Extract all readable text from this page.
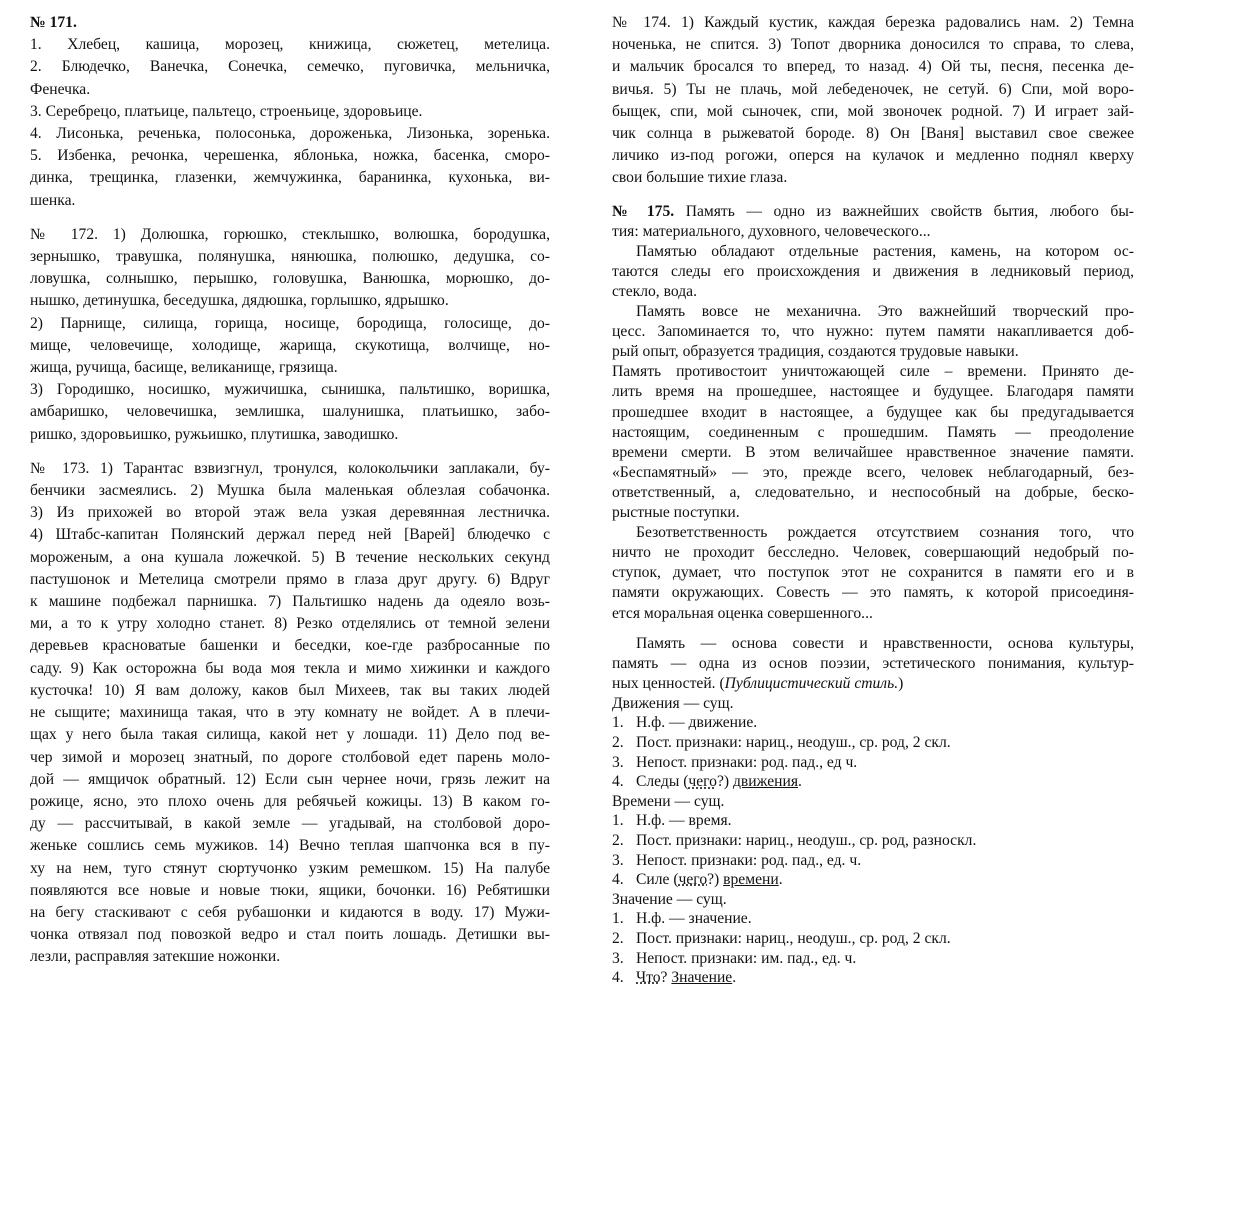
№ 171.
1. Хлебец, кашица, морозец, книжица, сюжетец, метелица.
2. Блюдечко, Ванечка, Сонечка, семечко, пуговичка, мельничка,
Фенечка.
3. Серебрецо, платьице, пальтецо, строеньице, здоровьице.
4. Лисонька, реченька, полосонька, дороженька, Лизонька, зоренька.
5. Избенка, речонка, черешенка, яблонька, ножка, басенка, сморо-
динка, трещинка, глазенки, жемчужинка, баранинка, кухонька, ви-
шенка.
№ 172. 1) Долюшка, горюшко, стеклышко, волюшка, бородушка,
зернышко, травушка, полянушка, нянюшка, полюшко, дедушка, со-
ловушка, солнышко, перышко, головушка, Ванюшка, морюшко, до-
нышко, детинушка, беседушка, дядюшка, горлышко, ядрышко.
2) Парнище, силища, горища, носище, бородища, голосище, до-
мище, человечище, холодище, жарища, скукотища, волчище, но-
жища, ручища, басище, великанище, грязища.
3) Городишко, носишко, мужичишка, сынишка, пальтишко, воришка,
амбаришко, человечишка, землишка, шалунишка, платьишко, забо-
ришко, здоровьишко, ружьишко, плутишка, заводишко.
№ 173. 1) Тарантас взвизгнул, тронулся, колокольчики заплакали, бу-
бенчики засмеялись. 2) Мушка была маленькая облезлая собачонка.
3) Из прихожей во второй этаж вела узкая деревянная лестничка.
4) Штабс-капитан Полянский держал перед ней [Варей] блюдечко с
мороженым, а она кушала ложечкой. 5) В течение нескольких секунд
пастушонок и Метелица смотрели прямо в глаза друг другу. 6) Вдруг
к машине подбежал парнишка. 7) Пальтишко надень да одеяло возь-
ми, а то к утру холодно станет. 8) Резко отделялись от темной зелени
деревьев красноватые башенки и беседки, кое-где разбросанные по
саду. 9) Как осторожна бы вода моя текла и мимо хижинки и каждого
кусточка! 10) Я вам доложу, каков был Михеев, так вы таких людей
не сыщите; махинища такая, что в эту комнату не войдет. А в плечи-
щах у него была такая силища, какой нет у лошади. 11) Дело под ве-
чер зимой и морозец знатный, по дороге столбовой едет парень моло-
дой — ямщичок обратный. 12) Если сын чернее ночи, грязь лежит на
рожице, ясно, это плохо очень для ребячьей кожицы. 13) В каком го-
ду — рассчитывай, в какой земле — угадывай, на столбовой доро-
женьке сошлись семь мужиков. 14) Вечно теплая шапчонка вся в пу-
ху на нем, туго стянут сюртучонко узким ремешком. 15) На палубе
появляются все новые и новые тюки, ящики, бочонки. 16) Ребятишки
на бегу стаскивают с себя рубашонки и кидаются в воду. 17) Мужи-
чонка отвязал под повозкой ведро и стал поить лошадь. Детишки вы-
лезли, расправляя затекшие ножонки.
№ 174. 1) Каждый кустик, каждая березка радовались нам. 2) Темна
ноченька, не спится. 3) Топот дворника доносился то справа, то слева,
и мальчик бросался то вперед, то назад. 4) Ой ты, песня, песенка де-
вичья. 5) Ты не плачь, мой лебеденочек, не сетуй. 6) Спи, мой воро-
быщек, спи, мой сыночек, спи, мой звоночек родной. 7) И играет зай-
чик солнца в рыжеватой бороде. 8) Он [Ваня] выставил свое свежее
личико из-под рогожи, оперся на кулачок и медленно поднял кверху
свои большие тихие глаза.
№ 175. Память — одно из важнейших свойств бытия, любого бы-
тия: материального, духовного, человеческого...
Памятью обладают отдельные растения, камень, на котором ос-
таются следы его происхождения и движения в ледниковый период,
стекло, вода.
Память вовсе не механична. Это важнейший творческий про-
цесс. Запоминается то, что нужно: путем памяти накапливается доб-
рый опыт, образуется традиция, создаются трудовые навыки.
Память противостоит уничтожающей силе – времени. Принято де-
лить время на прошедшее, настоящее и будущее. Благодаря памяти
прошедшее входит в настоящее, а будущее как бы предугадывается
настоящим, соединенным с прошедшим. Память — преодоление
времени смерти. В этом величайшее нравственное значение памяти.
«Беспамятный» — это, прежде всего, человек неблагодарный, без-
ответственный, а, следовательно, и неспособный на добрые, беско-
рыстные поступки.
Безответственность рождается отсутствием сознания того, что
ничто не проходит бесследно. Человек, совершающий недобрый по-
ступок, думает, что поступок этот не сохранится в памяти его и в
памяти окружающих. Совесть — это память, к которой присоединя-
ется моральная оценка совершенного...
Память — основа совести и нравственности, основа культуры,
память — одна из основ поэзии, эстетического понимания, культур-
ных ценностей. (Публицистический стиль.)
Движения — сущ.
1. Н.ф. — движение.
2. Пост. признаки: нариц., неодуш., ср. род, 2 скл.
3. Непост. признаки: род. пад., ед ч.
4. Следы (чего?) движения.
Времени — сущ.
1. Н.ф. — время.
2. Пост. признаки: нариц., неодуш., ср. род, разноскл.
3. Непост. признаки: род. пад., ед. ч.
4. Силе (чего?) времени.
Значение — сущ.
1. Н.ф. — значение.
2. Пост. признаки: нариц., неодуш., ср. род, 2 скл.
3. Непост. признаки: им. пад., ед. ч.
4. Что? Значение.
